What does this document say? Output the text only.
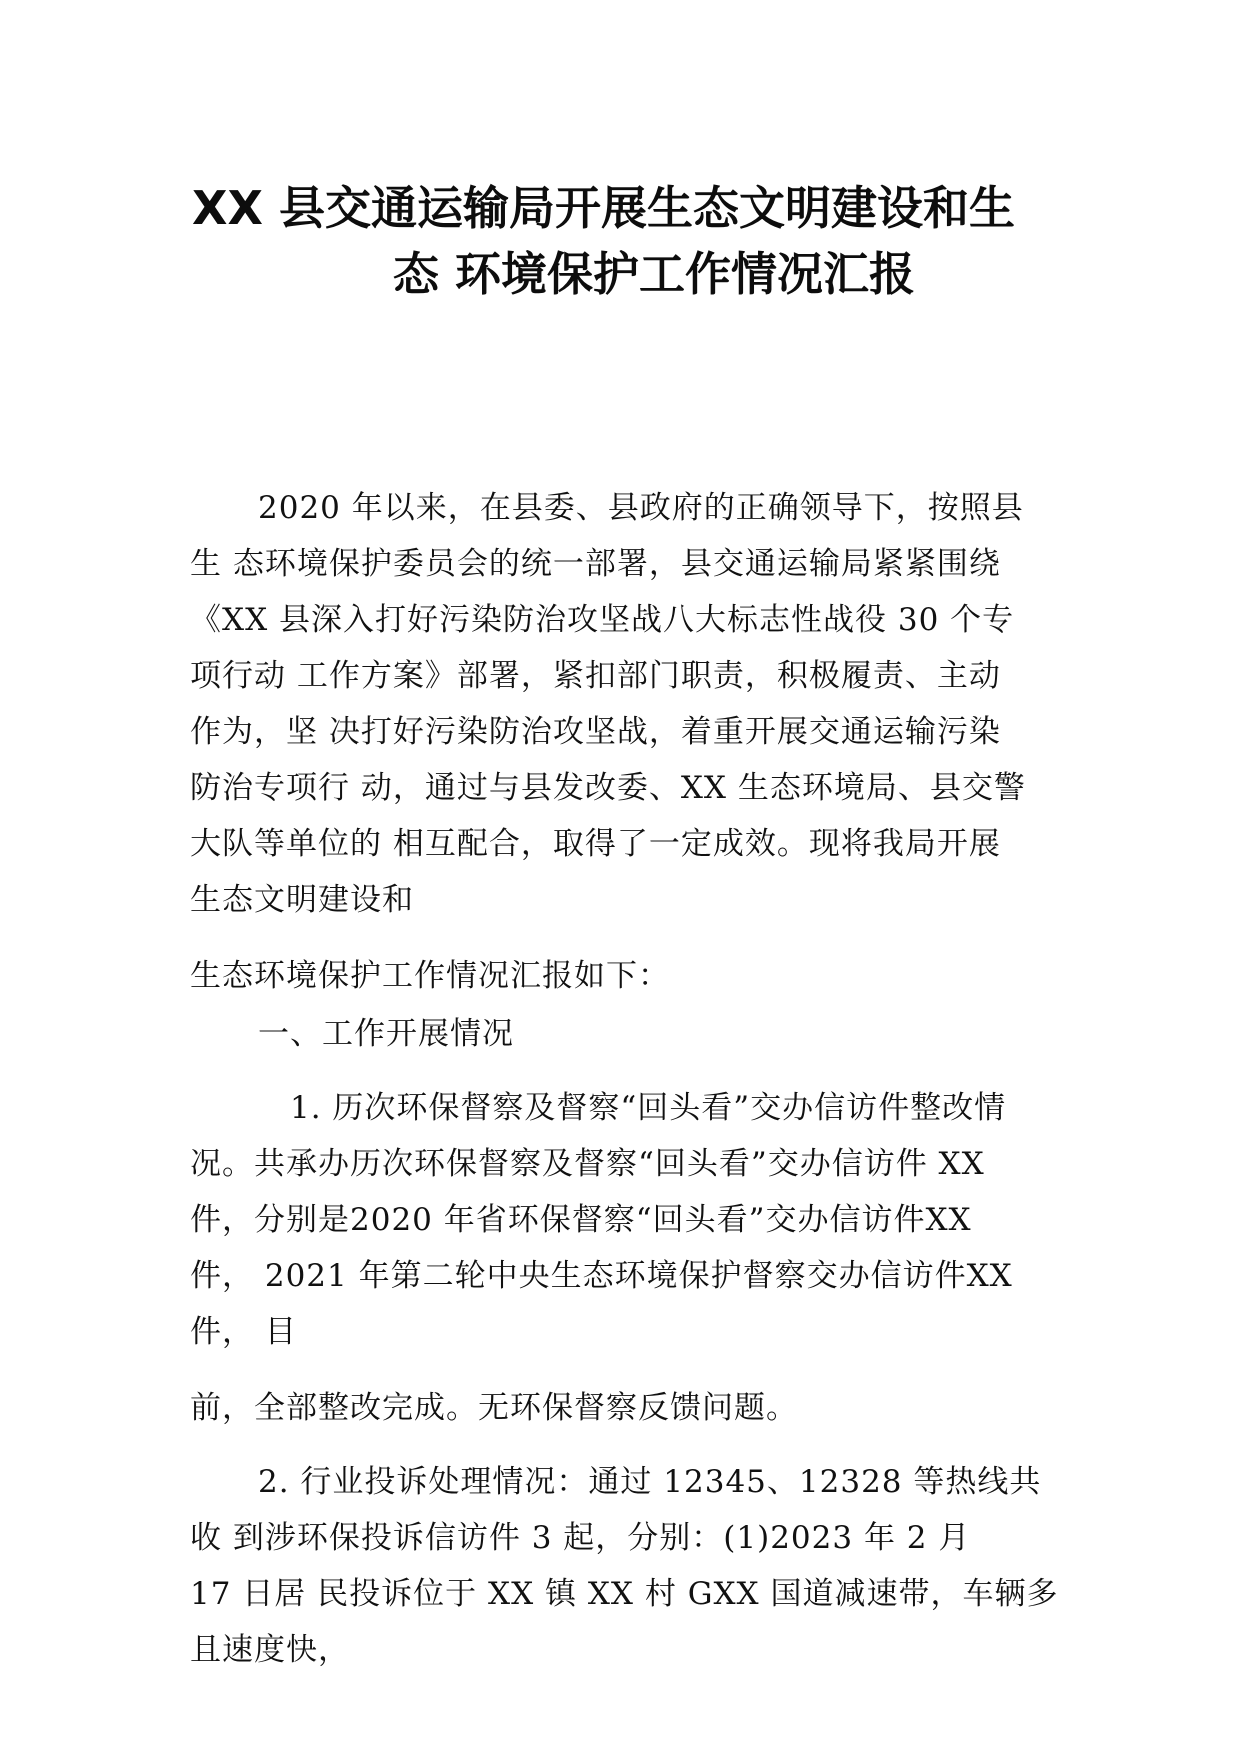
XX 县交通运输局开展生态文明建设和生
态 环境保护工作情况汇报
2020 年以来，在县委、县政府的正确领导下，按照县
生 态环境保护委员会的统一部署，县交通运输局紧紧围绕
《XX 县深入打好污染防治攻坚战八大标志性战役 30 个专
项行动 工作方案》部署，紧扣部门职责，积极履责、主动
作为，坚 决打好污染防治攻坚战，着重开展交通运输污染
防治专项行 动，通过与县发改委、XX 生态环境局、县交警
大队等单位的 相互配合，取得了一定成效。现将我局开展
生态文明建设和
生态环境保护工作情况汇报如下：
一、工作开展情况
1. 历次环保督察及督察“回头看”交办信访件整改情
况。共承办历次环保督察及督察“回头看”交办信访件 XX
件，分别是2020 年省环保督察“回头看”交办信访件XX
件， 2021 年第二轮中央生态环境保护督察交办信访件XX
件， 目
前，全部整改完成。无环保督察反馈问题。
2. 行业投诉处理情况：通过 12345、12328 等热线共
收 到涉环保投诉信访件 3 起，分别：(1)2023 年 2 月
17 日居 民投诉位于 XX 镇 XX 村 GXX 国道减速带，车辆多
且速度快，
